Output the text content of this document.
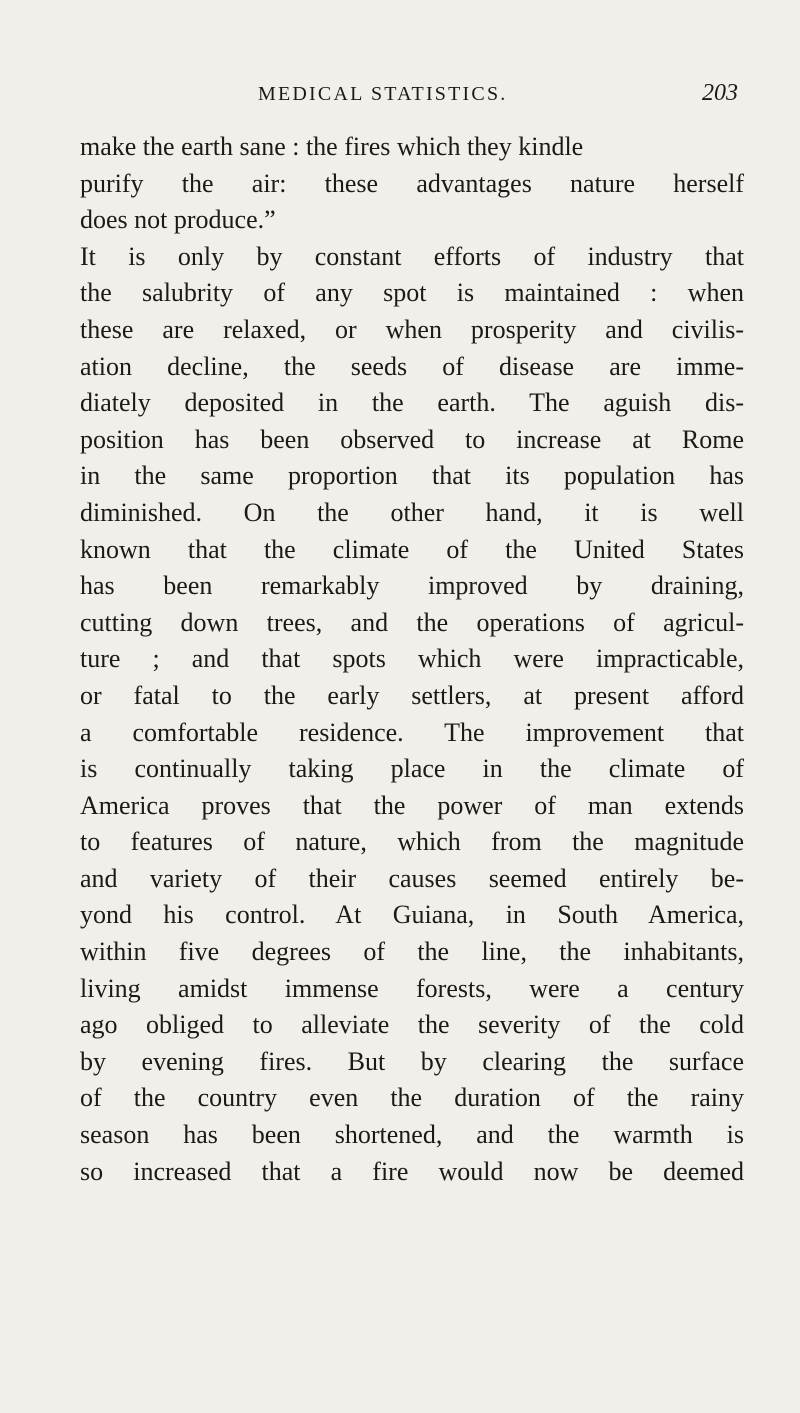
MEDICAL STATISTICS.	203
make the earth sane : the fires which they kindle
purify the air: these advantages nature herself
does not produce.”
It is only by constant efforts of industry that
the salubrity of any spot is maintained : when
these are relaxed, or when prosperity and civilis-
ation decline, the seeds of disease are imme-
diately deposited in the earth. The aguish dis-
position has been observed to increase at Rome
in the same proportion that its population has
diminished. On the other hand, it is well
known that the climate of the United States
has been remarkably improved by draining,
cutting down trees, and the operations of agricul-
ture ; and that spots which were impracticable,
or fatal to the early settlers, at present afford
a comfortable residence. The improvement that
is continually taking place in the climate of
America proves that the power of man extends
to features of nature, which from the magnitude
and variety of their causes seemed entirely be-
yond his control. At Guiana, in South America,
within five degrees of the line, the inhabitants,
living amidst immense forests, were a century
ago obliged to alleviate the severity of the cold
by evening fires. But by clearing the surface
of the country even the duration of the rainy
season has been shortened, and the warmth is
so increased that a fire would now be deemed
